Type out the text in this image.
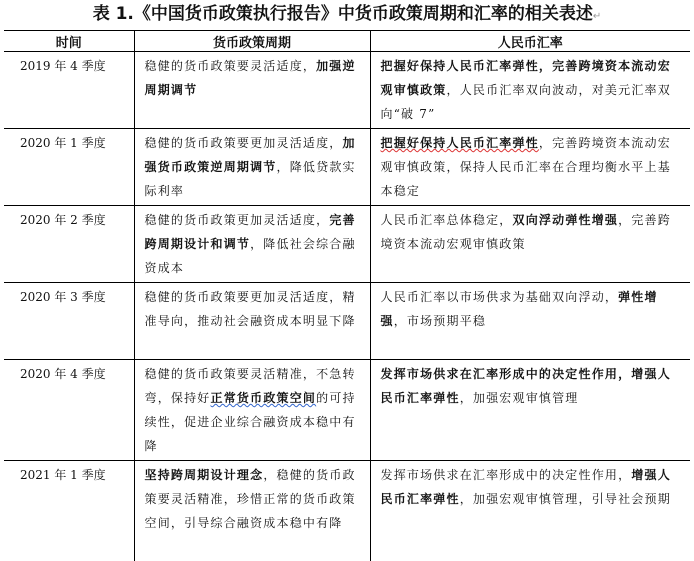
表 1.《中国货币政策执行报告》中货币政策周期和汇率的相关表述↵
时间	货币政策周期	人民币汇率
2019 年 4 季度	稳健的货币政策要灵活适度，加强逆周期调节	把握好保持人民币汇率弹性，完善跨境资本流动宏观审慎政策，人民币汇率双向波动，对美元汇率双向“破 7”
2020 年 1 季度	稳健的货币政策要更加灵活适度，加强货币政策逆周期调节，降低贷款实际利率	把握好保持人民币汇率弹性，完善跨境资本流动宏观审慎政策，保持人民币汇率在合理均衡水平上基本稳定
2020 年 2 季度	稳健的货币政策更加灵活适度，完善跨周期设计和调节，降低社会综合融资成本	人民币汇率总体稳定，双向浮动弹性增强，完善跨境资本流动宏观审慎政策
2020 年 3 季度	稳健的货币政策要更加灵活适度，精准导向，推动社会融资成本明显下降	人民币汇率以市场供求为基础双向浮动，弹性增强，市场预期平稳
2020 年 4 季度	稳健的货币政策要灵活精准，不急转弯，保持好正常货币政策空间的可持续性，促进企业综合融资成本稳中有降	发挥市场供求在汇率形成中的决定性作用，增强人民币汇率弹性，加强宏观审慎管理
2021 年 1 季度	坚持跨周期设计理念，稳健的货币政策要灵活精准，珍惜正常的货币政策空间，引导综合融资成本稳中有降	发挥市场供求在汇率形成中的决定性作用，增强人民币汇率弹性，加强宏观审慎管理，引导社会预期
